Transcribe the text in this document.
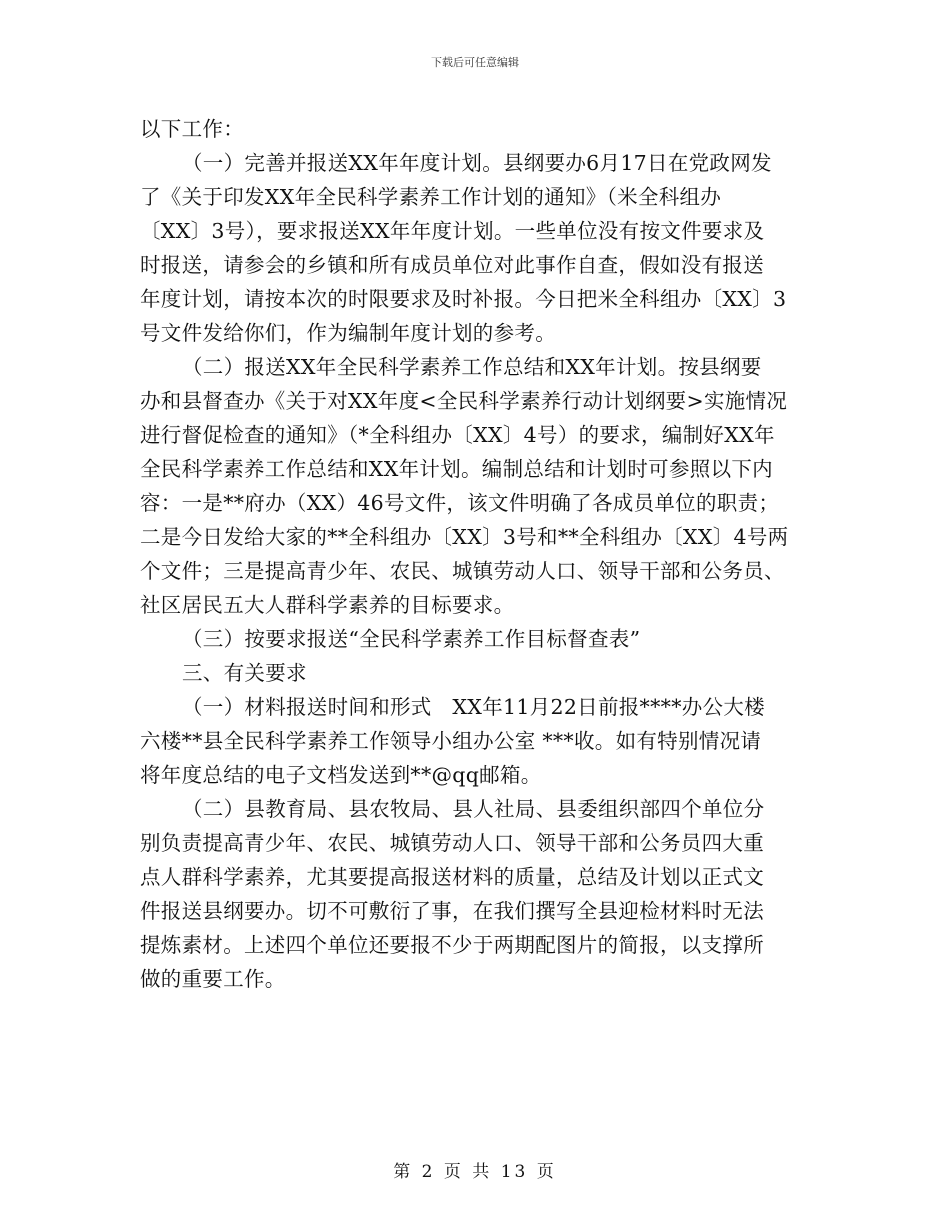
下载后可任意编辑
以下工作：
（一）完善并报送XX年年度计划。县纲要办6月17日在党政网发
了《关于印发XX年全民科学素养工作计划的通知》（米全科组办
〔XX〕3号），要求报送XX年年度计划。一些单位没有按文件要求及
时报送，请参会的乡镇和所有成员单位对此事作自查，假如没有报送
年度计划，请按本次的时限要求及时补报。今日把米全科组办〔XX〕3
号文件发给你们，作为编制年度计划的参考。
（二）报送XX年全民科学素养工作总结和XX年计划。按县纲要
办和县督查办《关于对XX年度<全民科学素养行动计划纲要>实施情况
进行督促检查的通知》（*全科组办〔XX〕4号）的要求，编制好XX年
全民科学素养工作总结和XX年计划。编制总结和计划时可参照以下内
容：一是**府办（XX）46号文件，该文件明确了各成员单位的职责；
二是今日发给大家的**全科组办〔XX〕3号和**全科组办〔XX〕4号两
个文件；三是提高青少年、农民、城镇劳动人口、领导干部和公务员、
社区居民五大人群科学素养的目标要求。
（三）按要求报送“全民科学素养工作目标督查表”
三、有关要求
（一）材料报送时间和形式　XX年11月22日前报****办公大楼
六楼**县全民科学素养工作领导小组办公室 ***收。如有特别情况请
将年度总结的电子文档发送到**@qq邮箱。
（二）县教育局、县农牧局、县人社局、县委组织部四个单位分
别负责提高青少年、农民、城镇劳动人口、领导干部和公务员四大重
点人群科学素养，尤其要提高报送材料的质量，总结及计划以正式文
件报送县纲要办。切不可敷衍了事，在我们撰写全县迎检材料时无法
提炼素材。上述四个单位还要报不少于两期配图片的简报，以支撑所
做的重要工作。
第 2 页 共 13 页
